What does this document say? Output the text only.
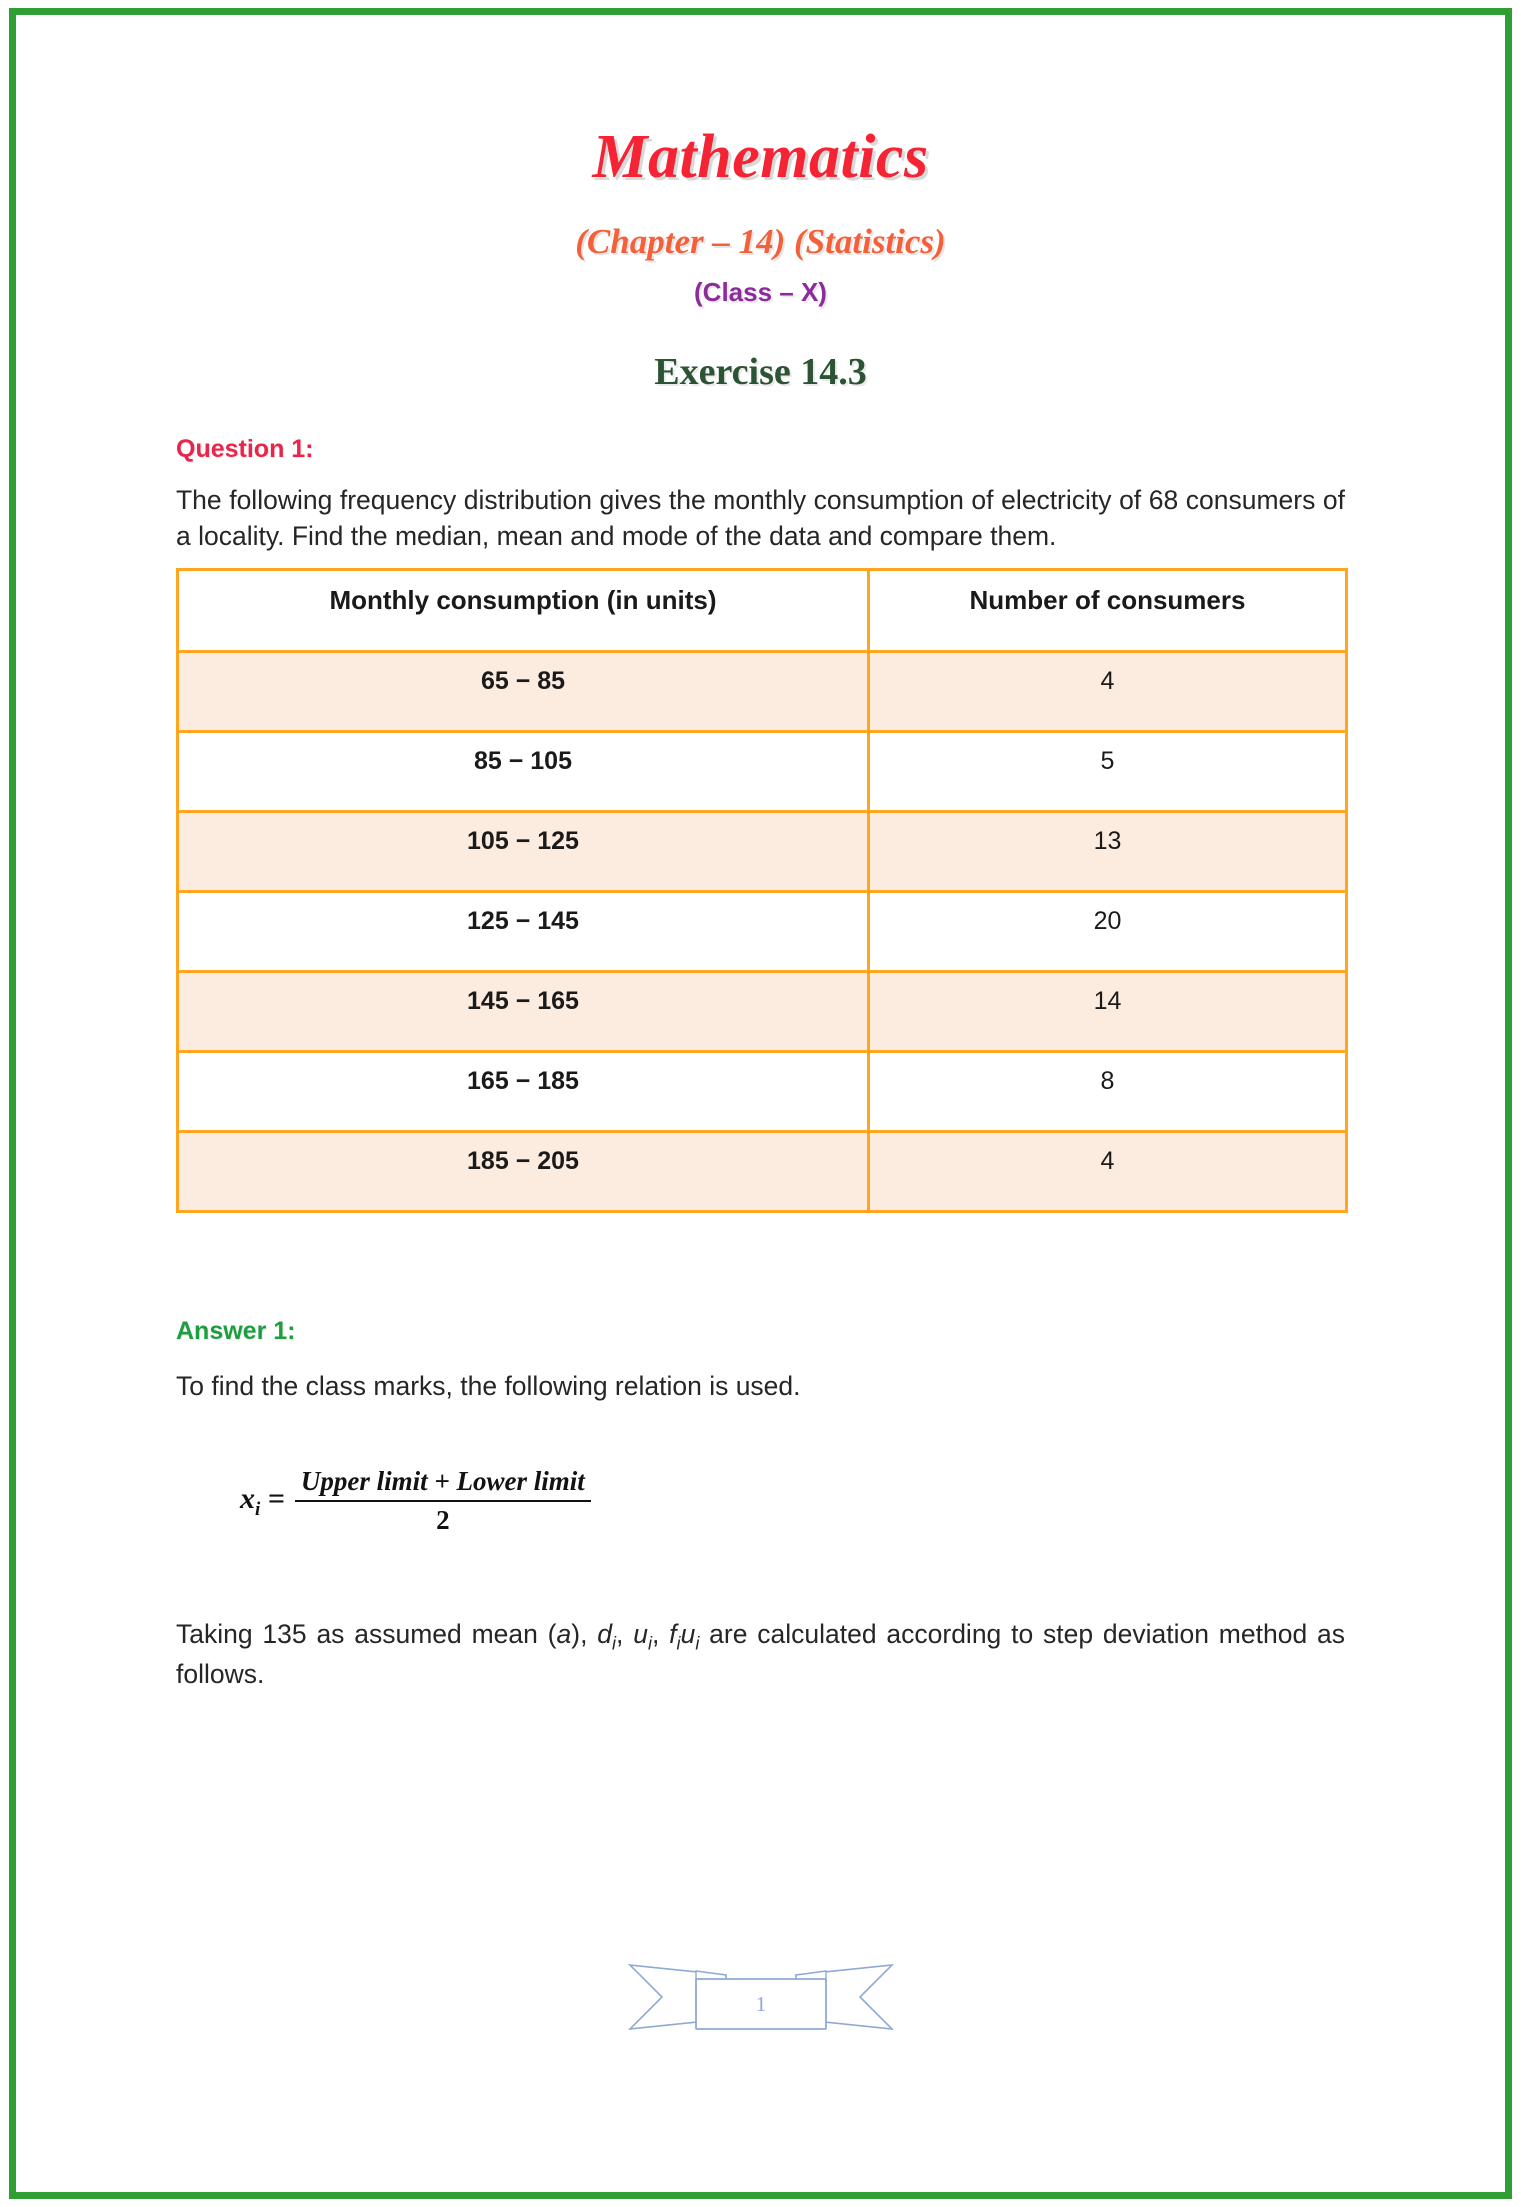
Mathematics
(Chapter – 14) (Statistics)
(Class – X)
Exercise 14.3
Question 1:

The following frequency distribution gives the monthly consumption of electricity of 68 consumers of a locality. Find the median, mean and mode of the data and compare them.

Monthly consumption (in units)	Number of consumers
65 − 85	4
85 − 105	5
105 − 125	13
125 − 145	20
145 − 165	14
165 − 185	8
185 − 205	4
Answer 1:

To find the class marks, the following relation is used.

$x_i = \frac{\text{Upper limit + Lower limit}}{2}$

Taking 135 as assumed mean (a), $d_i$, $u_i$, $f_iu_i$ are calculated according to step deviation method as follows.

1
